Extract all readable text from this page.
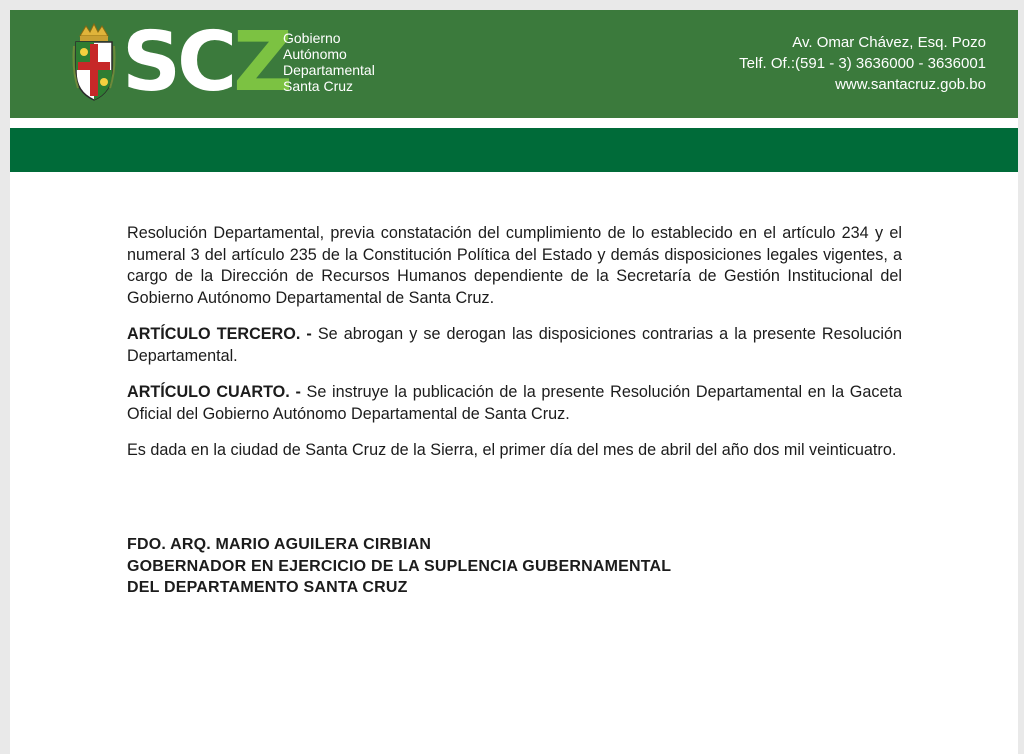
SCZ
Gobierno
Autónomo
Departamental
Santa Cruz
Av. Omar Chávez, Esq. Pozo
Telf. Of.:(591 - 3) 3636000 - 3636001
www.santacruz.gob.bo

Resolución Departamental, previa constatación del cumplimiento de lo establecido en el artículo 234 y el numeral 3 del artículo 235 de la Constitución Política del Estado y demás disposiciones legales vigentes, a cargo de la Dirección de Recursos Humanos dependiente de la Secretaría de Gestión Institucional del Gobierno Autónomo Departamental de Santa Cruz.

ARTÍCULO TERCERO. - Se abrogan y se derogan las disposiciones contrarias a la presente Resolución Departamental.

ARTÍCULO CUARTO. - Se instruye la publicación de la presente Resolución Departamental en la Gaceta Oficial del Gobierno Autónomo Departamental de Santa Cruz.

Es dada en la ciudad de Santa Cruz de la Sierra, el primer día del mes de abril del año dos mil veinticuatro.

FDO. ARQ. MARIO AGUILERA CIRBIAN
GOBERNADOR EN EJERCICIO DE LA SUPLENCIA GUBERNAMENTAL
DEL DEPARTAMENTO SANTA CRUZ
